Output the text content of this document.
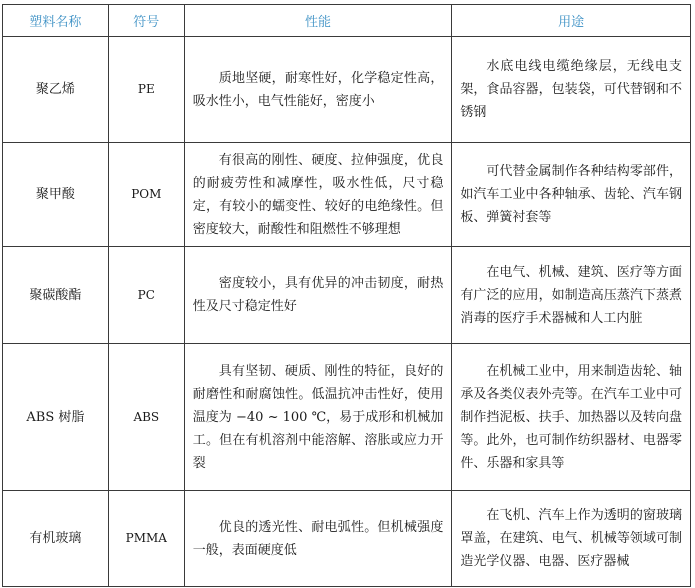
塑料名称	符号	性能	用途
聚乙烯	PE	质地坚硬，耐寒性好，化学稳定性高，吸水性小，电气性能好，密度小	水底电线电缆绝缘层，无线电支架，食品容器，包装袋，可代替钢和不锈钢

聚甲酸	POM	有很高的刚性、硬度、拉伸强度，优良的耐疲劳性和减摩性，吸水性低，尺寸稳定，有较小的蠕变性、较好的电绝缘性。但密度较大，耐酸性和阻燃性不够理想	可代替金属制作各种结构零部件，如汽车工业中各种轴承、齿轮、汽车钢板、弹簧衬套等

聚碳酸酯	PC	密度较小，具有优异的冲击韧度，耐热性及尺寸稳定性好	在电气、机械、建筑、医疗等方面有广泛的应用，如制造高压蒸汽下蒸煮消毒的医疗手术器械和人工内脏

ABS 树脂	ABS	具有坚韧、硬质、刚性的特征，良好的耐磨性和耐腐蚀性。低温抗冲击性好，使用温度为 −40 ~ 100 ℃，易于成形和机械加工。但在有机溶剂中能溶解、溶胀或应力开裂	在机械工业中，用来制造齿轮、轴承及各类仪表外壳等。在汽车工业中可制作挡泥板、扶手、加热器以及转向盘等。此外，也可制作纺织器材、电器零件、乐器和家具等

有机玻璃	PMMA	优良的透光性、耐电弧性。但机械强度一般，表面硬度低	在飞机、汽车上作为透明的窗玻璃罩盖，在建筑、电气、机械等领域可制造光学仪器、电器、医疗器械
